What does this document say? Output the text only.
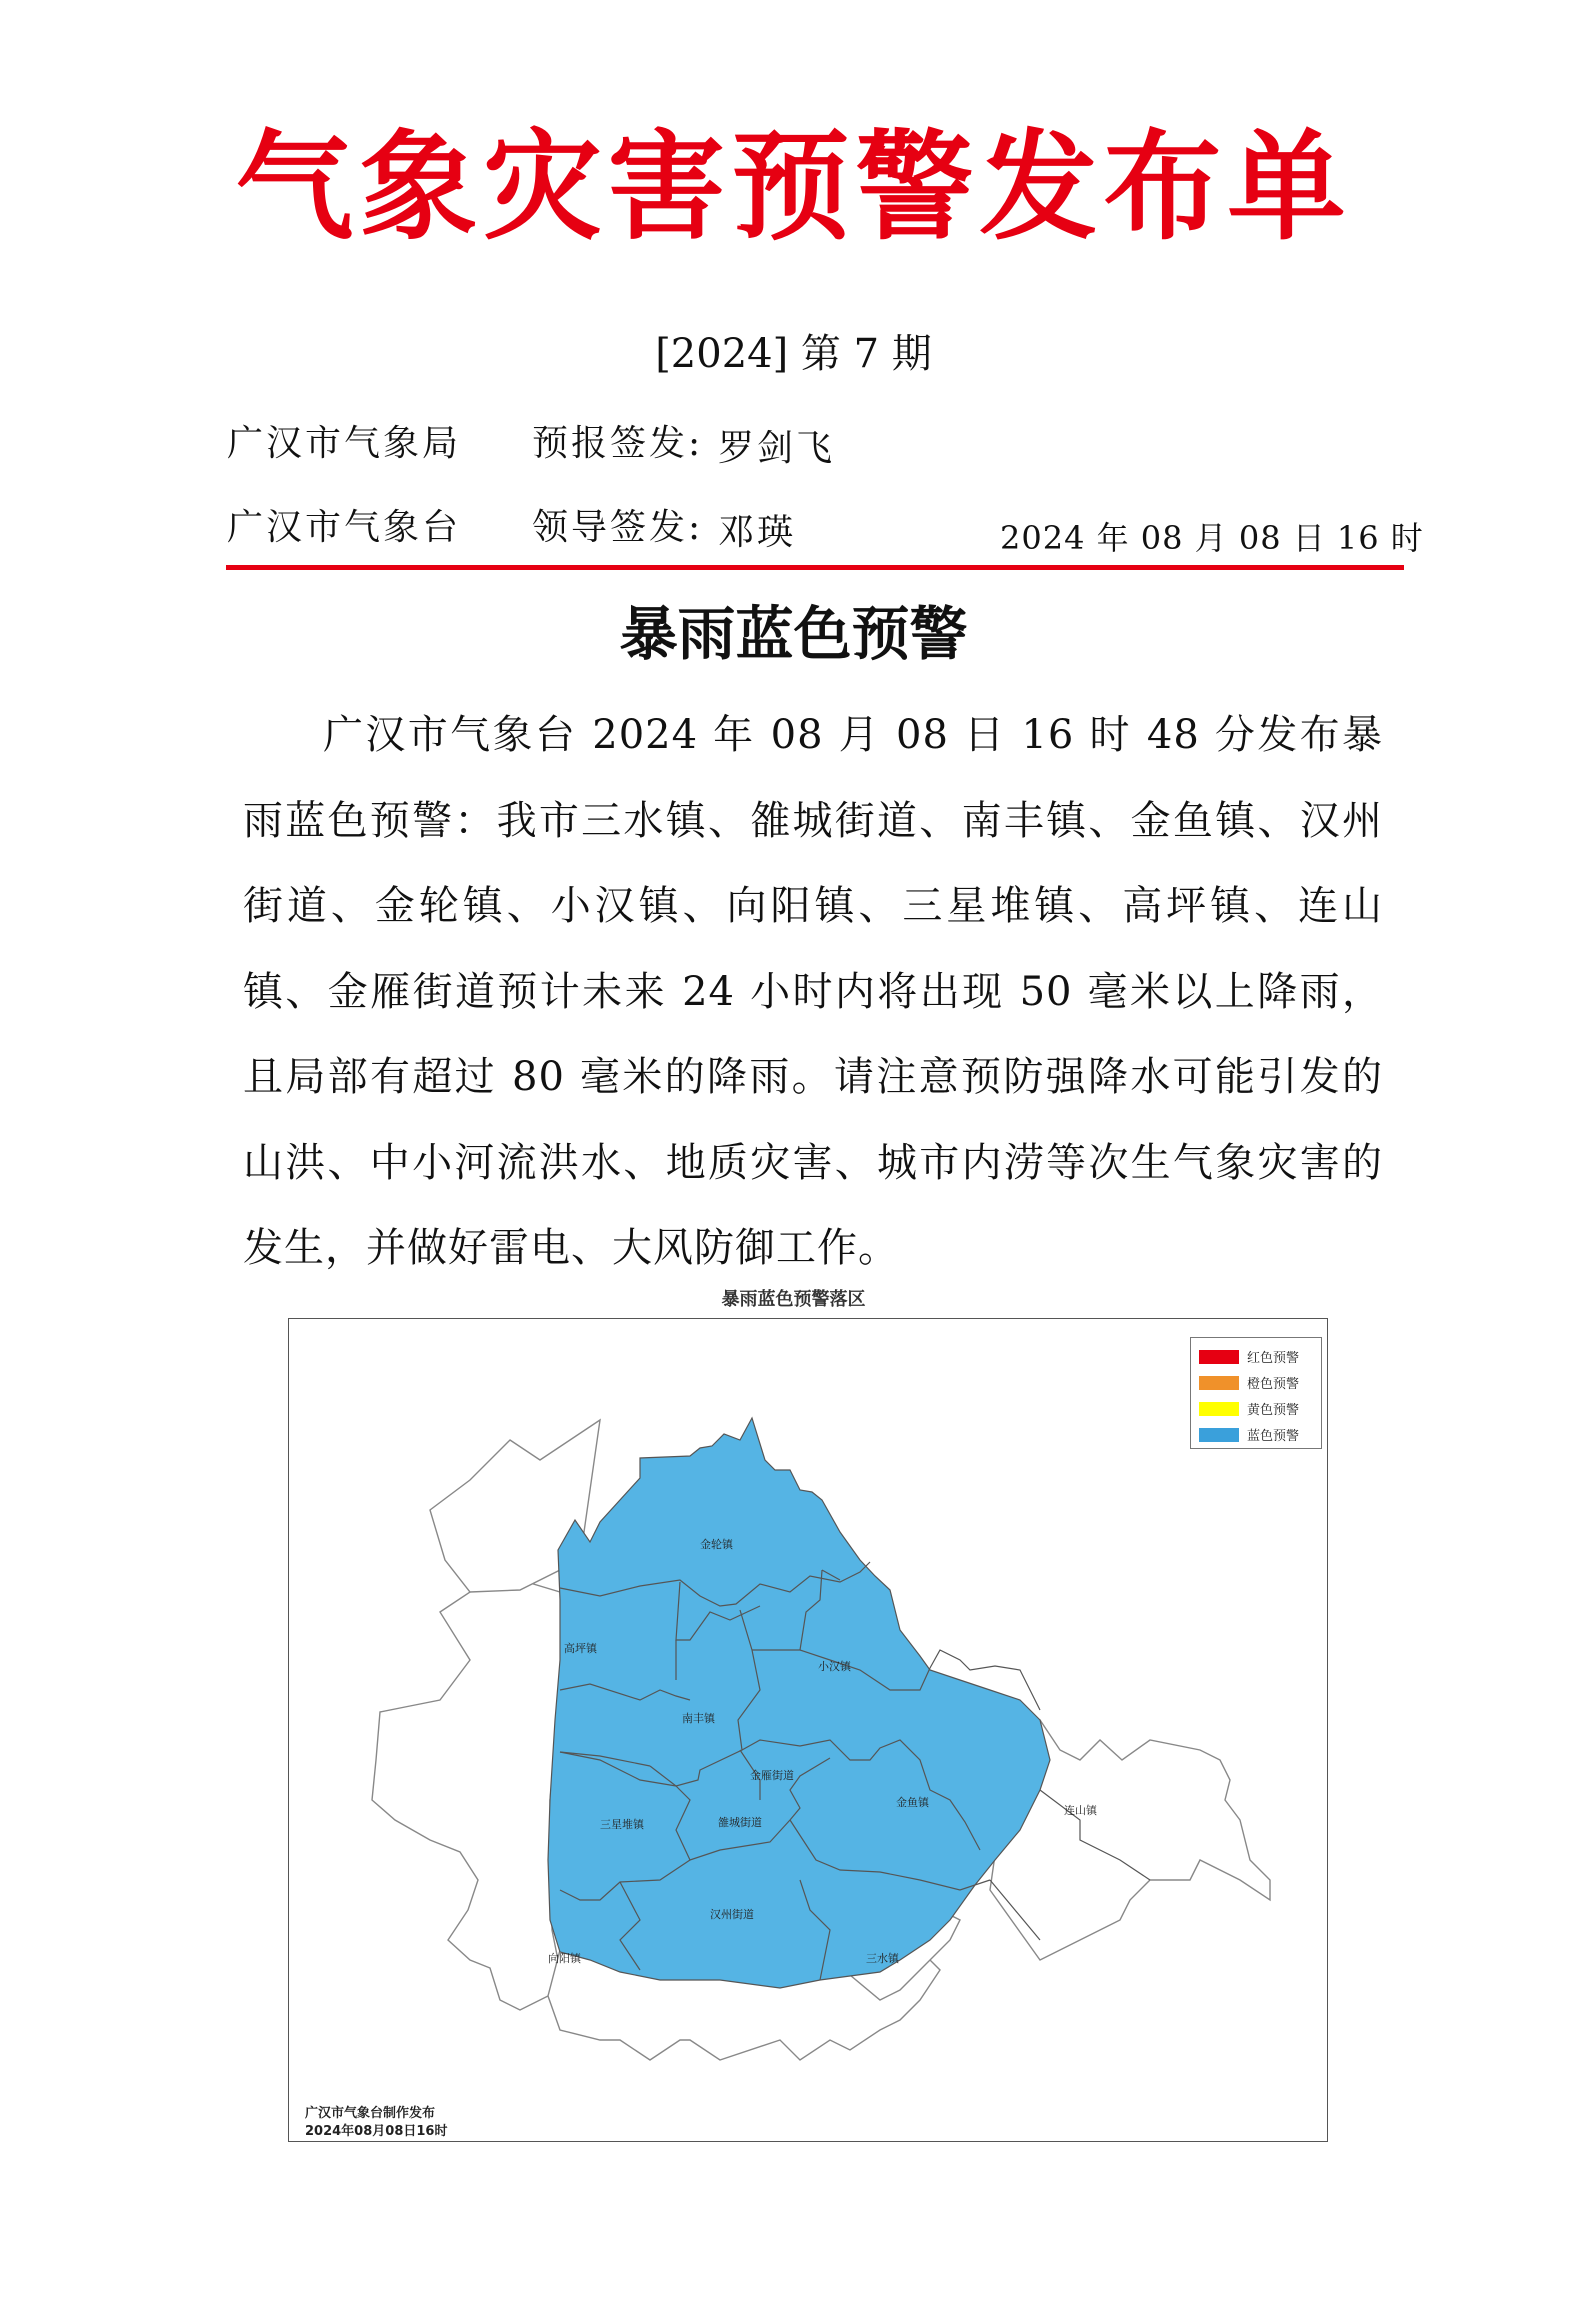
气象灾害预警发布单
[2024] 第 7 期
广汉市气象局 预报签发: 罗剑飞
广汉市气象台 领导签发: 邓瑛	2024 年 08 月 08 日 16 时
暴雨蓝色预警
广汉市气象台 2024 年 08 月 08 日 16 时 48 分发布暴雨蓝色预警：我市三水镇、雒城街道、南丰镇、金鱼镇、汉州街道、金轮镇、小汉镇、向阳镇、三星堆镇、高坪镇、连山镇、金雁街道预计未来 24 小时内将出现 50 毫米以上降雨，且局部有超过 80 毫米的降雨。请注意预防强降水可能引发的山洪、中小河流洪水、地质灾害、城市内涝等次生气象灾害的发生，并做好雷电、大风防御工作。
暴雨蓝色预警落区
金轮镇
高坪镇
小汉镇
南丰镇
金雁街道
金鱼镇
三星堆镇	雒城街道
连山镇
汉州街道
向阳镇	三水镇
红色预警
橙色预警
黄色预警
蓝色预警
广汉市气象台制作发布
2024年08月08日16时
